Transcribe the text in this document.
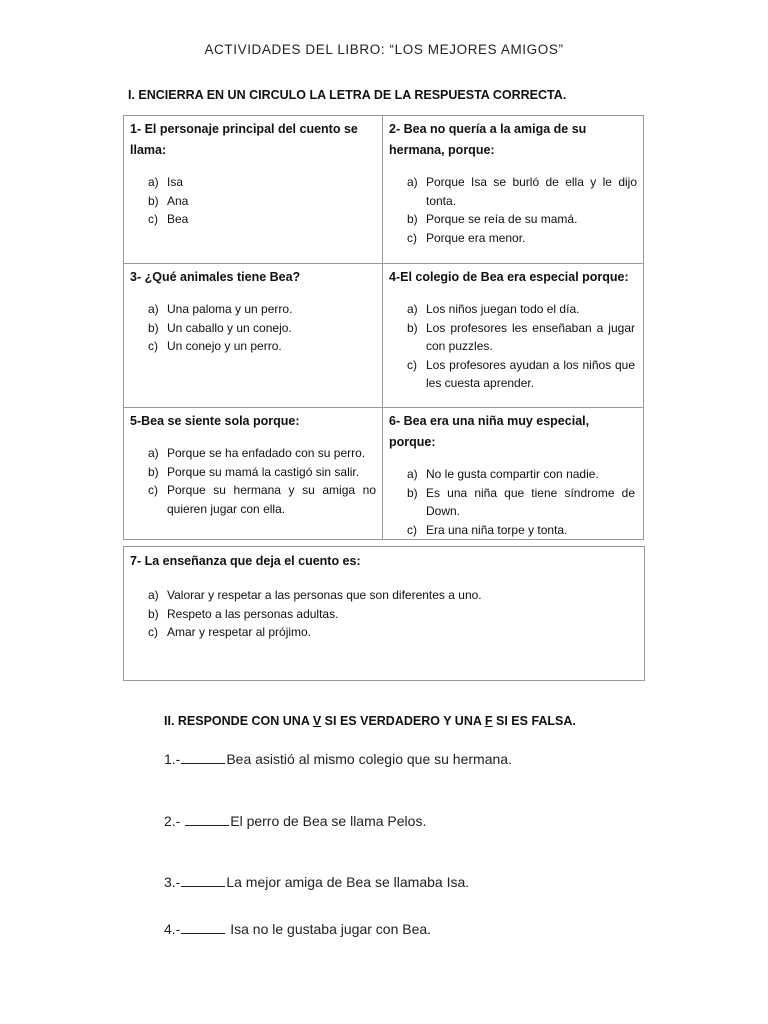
ACTIVIDADES DEL LIBRO: “LOS MEJORES AMIGOS”
I. ENCIERRA EN UN CIRCULO LA LETRA DE LA RESPUESTA CORRECTA.
1- El personaje principal del cuento se llama:
a) Isa
b) Ana
c) Bea
2- Bea no quería a la amiga de su hermana, porque:
a) Porque Isa se burló de ella y le dijo tonta.
b) Porque se reía de su mamá.
c) Porque era menor.
3- ¿Qué animales tiene Bea?
a) Una paloma y un perro.
b) Un caballo y un conejo.
c) Un conejo y un perro.
4-El colegio de Bea era especial porque:
a) Los niños juegan todo el día.
b) Los profesores les enseñaban a jugar con puzzles.
c) Los profesores ayudan a los niños que les cuesta aprender.
5-Bea se siente sola porque:
a) Porque se ha enfadado con su perro.
b) Porque su mamá la castigó sin salir.
c) Porque su hermana y su amiga no quieren jugar con ella.
6- Bea era una niña muy especial, porque:
a) No le gusta compartir con nadie.
b) Es una niña que tiene síndrome de Down.
c) Era una niña torpe y tonta.
7- La enseñanza que deja el cuento es:
a) Valorar y respetar a las personas que son diferentes a uno.
b) Respeto a las personas adultas.
c) Amar y respetar al prójimo.
II. RESPONDE CON UNA V SI ES VERDADERO Y UNA F SI ES FALSA.
1.-	Bea asistió al mismo colegio que su hermana.
2.-	El perro de Bea se llama Pelos.
3.-	La mejor amiga de Bea se llamaba Isa.
4.-	Isa no le gustaba jugar con Bea.
